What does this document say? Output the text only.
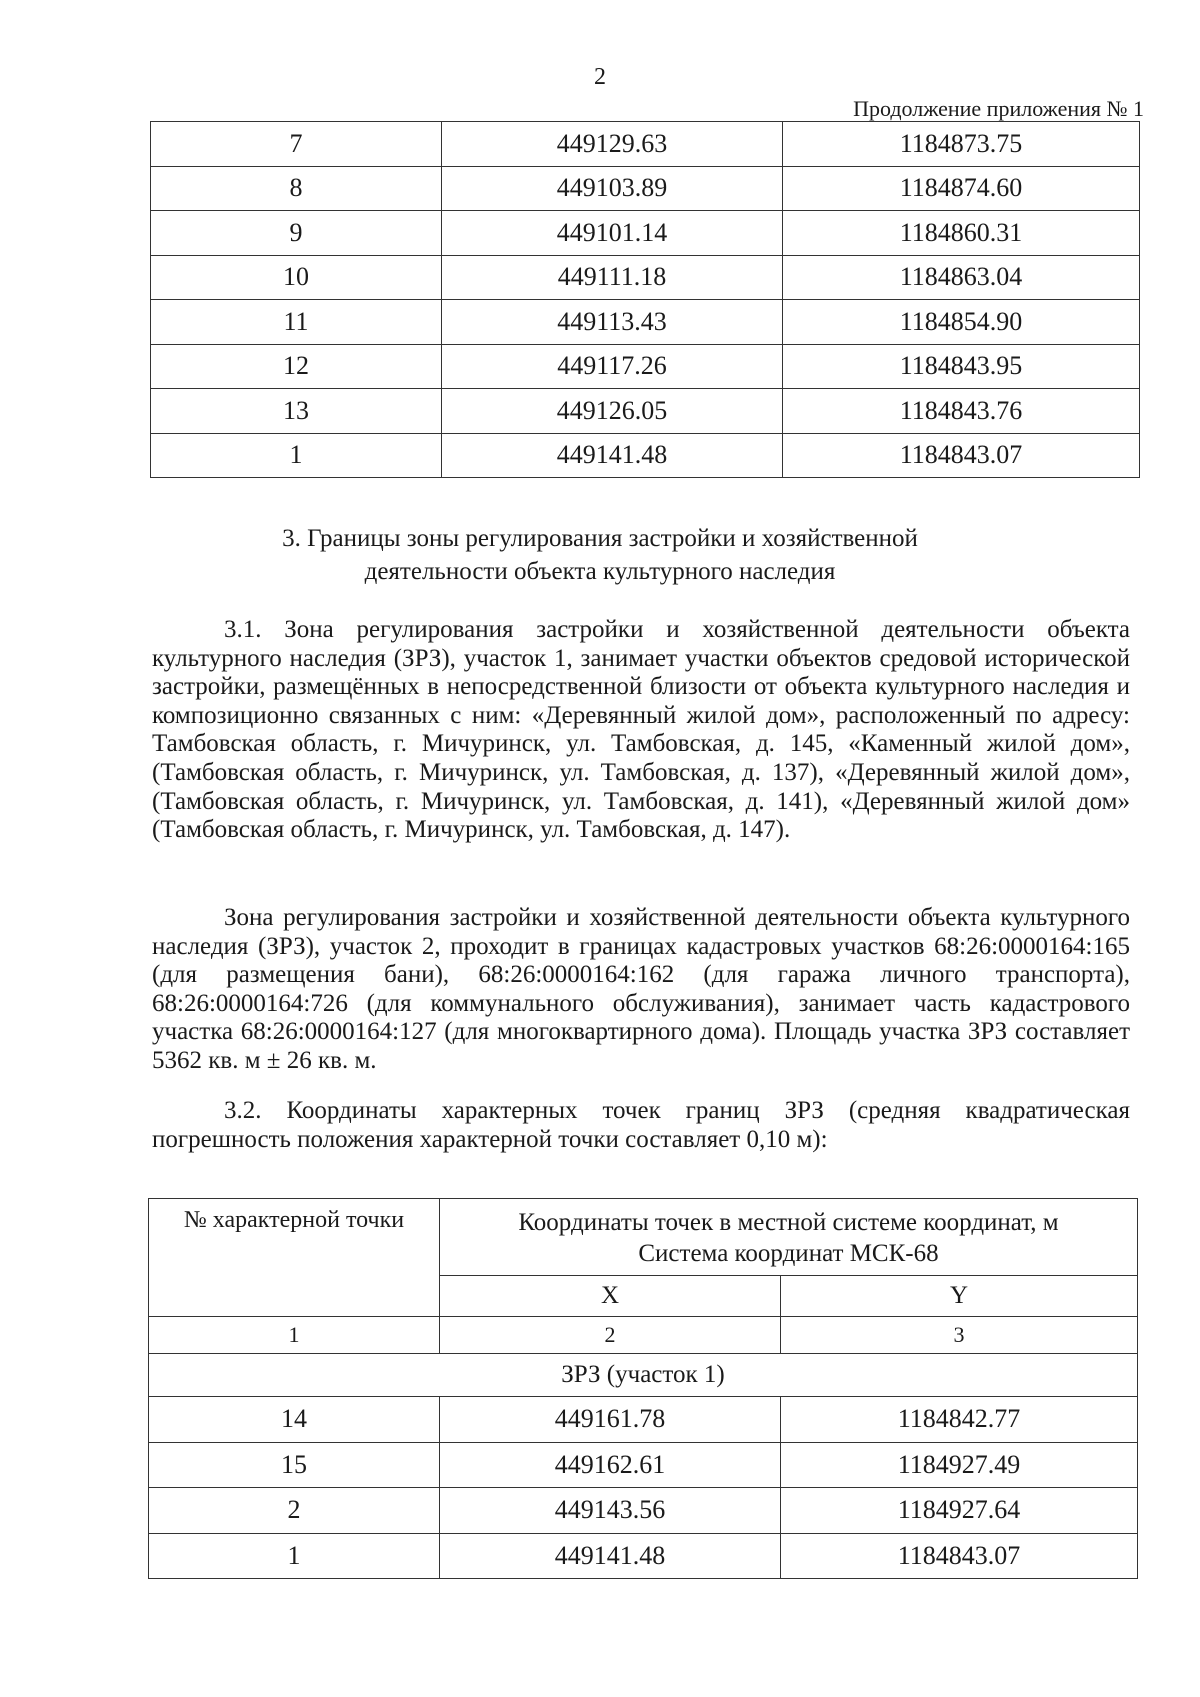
2
Продолжение приложения № 1
7	449129.63	1184873.75
8	449103.89	1184874.60
9	449101.14	1184860.31
10	449111.18	1184863.04
11	449113.43	1184854.90
12	449117.26	1184843.95
13	449126.05	1184843.76
1	449141.48	1184843.07
3. Границы зоны регулирования застройки и хозяйственной
деятельности объекта культурного наследия

3.1. Зона регулирования застройки и хозяйственной деятельности объекта культурного наследия (ЗРЗ), участок 1, занимает участки объектов средовой исторической застройки, размещённых в непосредственной близости от объекта культурного наследия и композиционно связанных с ним: «Деревянный жилой дом», расположенный по адресу: Тамбовская область, г. Мичуринск, ул. Тамбовская, д. 145, «Каменный жилой дом», (Тамбовская область, г. Мичуринск, ул. Тамбовская, д. 137), «Деревянный жилой дом», (Тамбовская область, г. Мичуринск, ул. Тамбовская, д. 141), «Деревянный жилой дом» (Тамбовская область, г. Мичуринск, ул. Тамбовская, д. 147).

Зона регулирования застройки и хозяйственной деятельности объекта культурного наследия (ЗРЗ), участок 2, проходит в границах кадастровых участков 68:26:0000164:165 (для размещения бани), 68:26:0000164:162 (для гаража личного транспорта), 68:26:0000164:726 (для коммунального обслуживания), занимает часть кадастрового участка 68:26:0000164:127 (для многоквартирного дома). Площадь участка ЗРЗ составляет 5362 кв. м ± 26 кв. м.

3.2. Координаты характерных точек границ ЗРЗ (средняя квадратическая погрешность положения характерной точки составляет 0,10 м):

№ характерной точки	Координаты точек в местной системе координат, м
Система координат МСК-68	

	X	Y
1	2	3
ЗРЗ (участок 1)		
14	449161.78	1184842.77
15	449162.61	1184927.49
2	449143.56	1184927.64
1	449141.48	1184843.07
